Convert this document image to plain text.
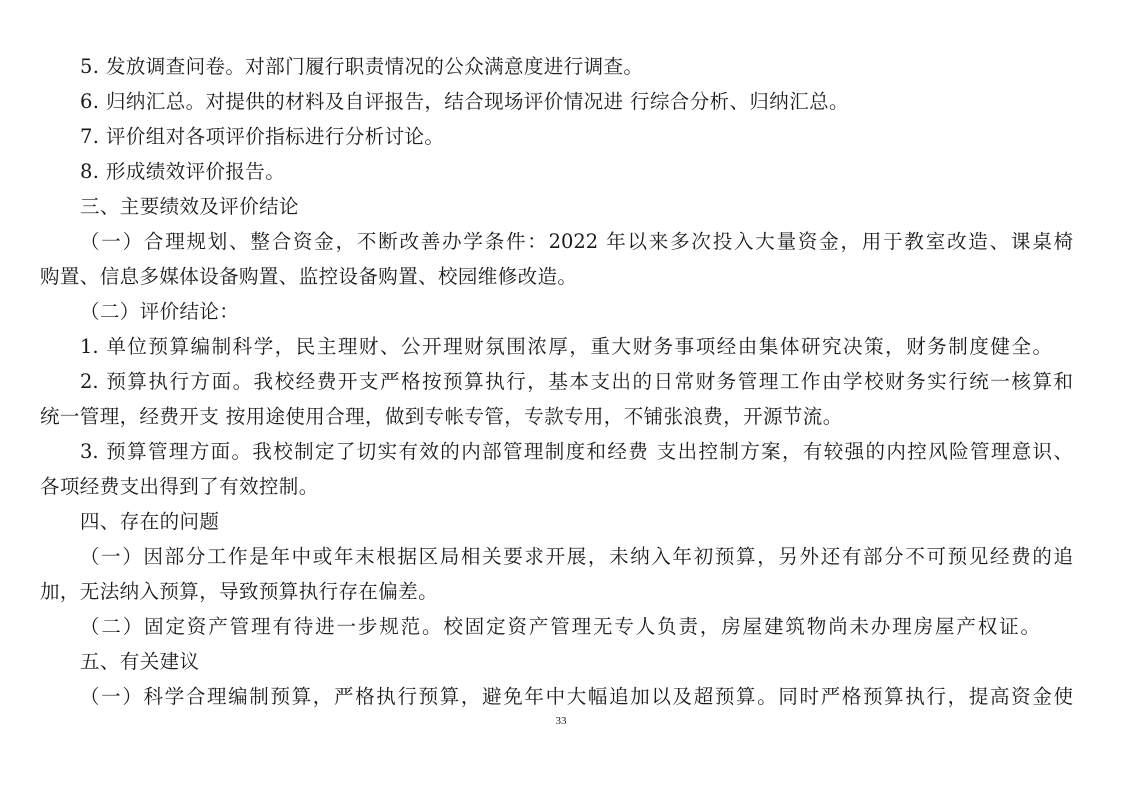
5. 发放调查问卷。对部门履行职责情况的公众满意度进行调查。
6. 归纳汇总。对提供的材料及自评报告，结合现场评价情况进 行综合分析、归纳汇总。
7. 评价组对各项评价指标进行分析讨论。
8. 形成绩效评价报告。
三、主要绩效及评价结论
（一）合理规划、整合资金，不断改善办学条件：2022 年以来多次投入大量资金，用于教室改造、课桌椅
购置、信息多媒体设备购置、监控设备购置、校园维修改造。
（二）评价结论：
1. 单位预算编制科学，民主理财、公开理财氛围浓厚，重大财务事项经由集体研究决策，财务制度健全。
2. 预算执行方面。我校经费开支严格按预算执行，基本支出的日常财务管理工作由学校财务实行统一核算和
统一管理，经费开支 按用途使用合理，做到专帐专管，专款专用，不铺张浪费，开源节流。
3. 预算管理方面。我校制定了切实有效的内部管理制度和经费 支出控制方案，有较强的内控风险管理意识、
各项经费支出得到了有效控制。
四、存在的问题
（一）因部分工作是年中或年末根据区局相关要求开展，未纳入年初预算，另外还有部分不可预见经费的追
加，无法纳入预算，导致预算执行存在偏差。
（二）固定资产管理有待进一步规范。校固定资产管理无专人负责，房屋建筑物尚未办理房屋产权证。
五、有关建议
（一）科学合理编制预算，严格执行预算，避免年中大幅追加以及超预算。同时严格预算执行，提高资金使
33
